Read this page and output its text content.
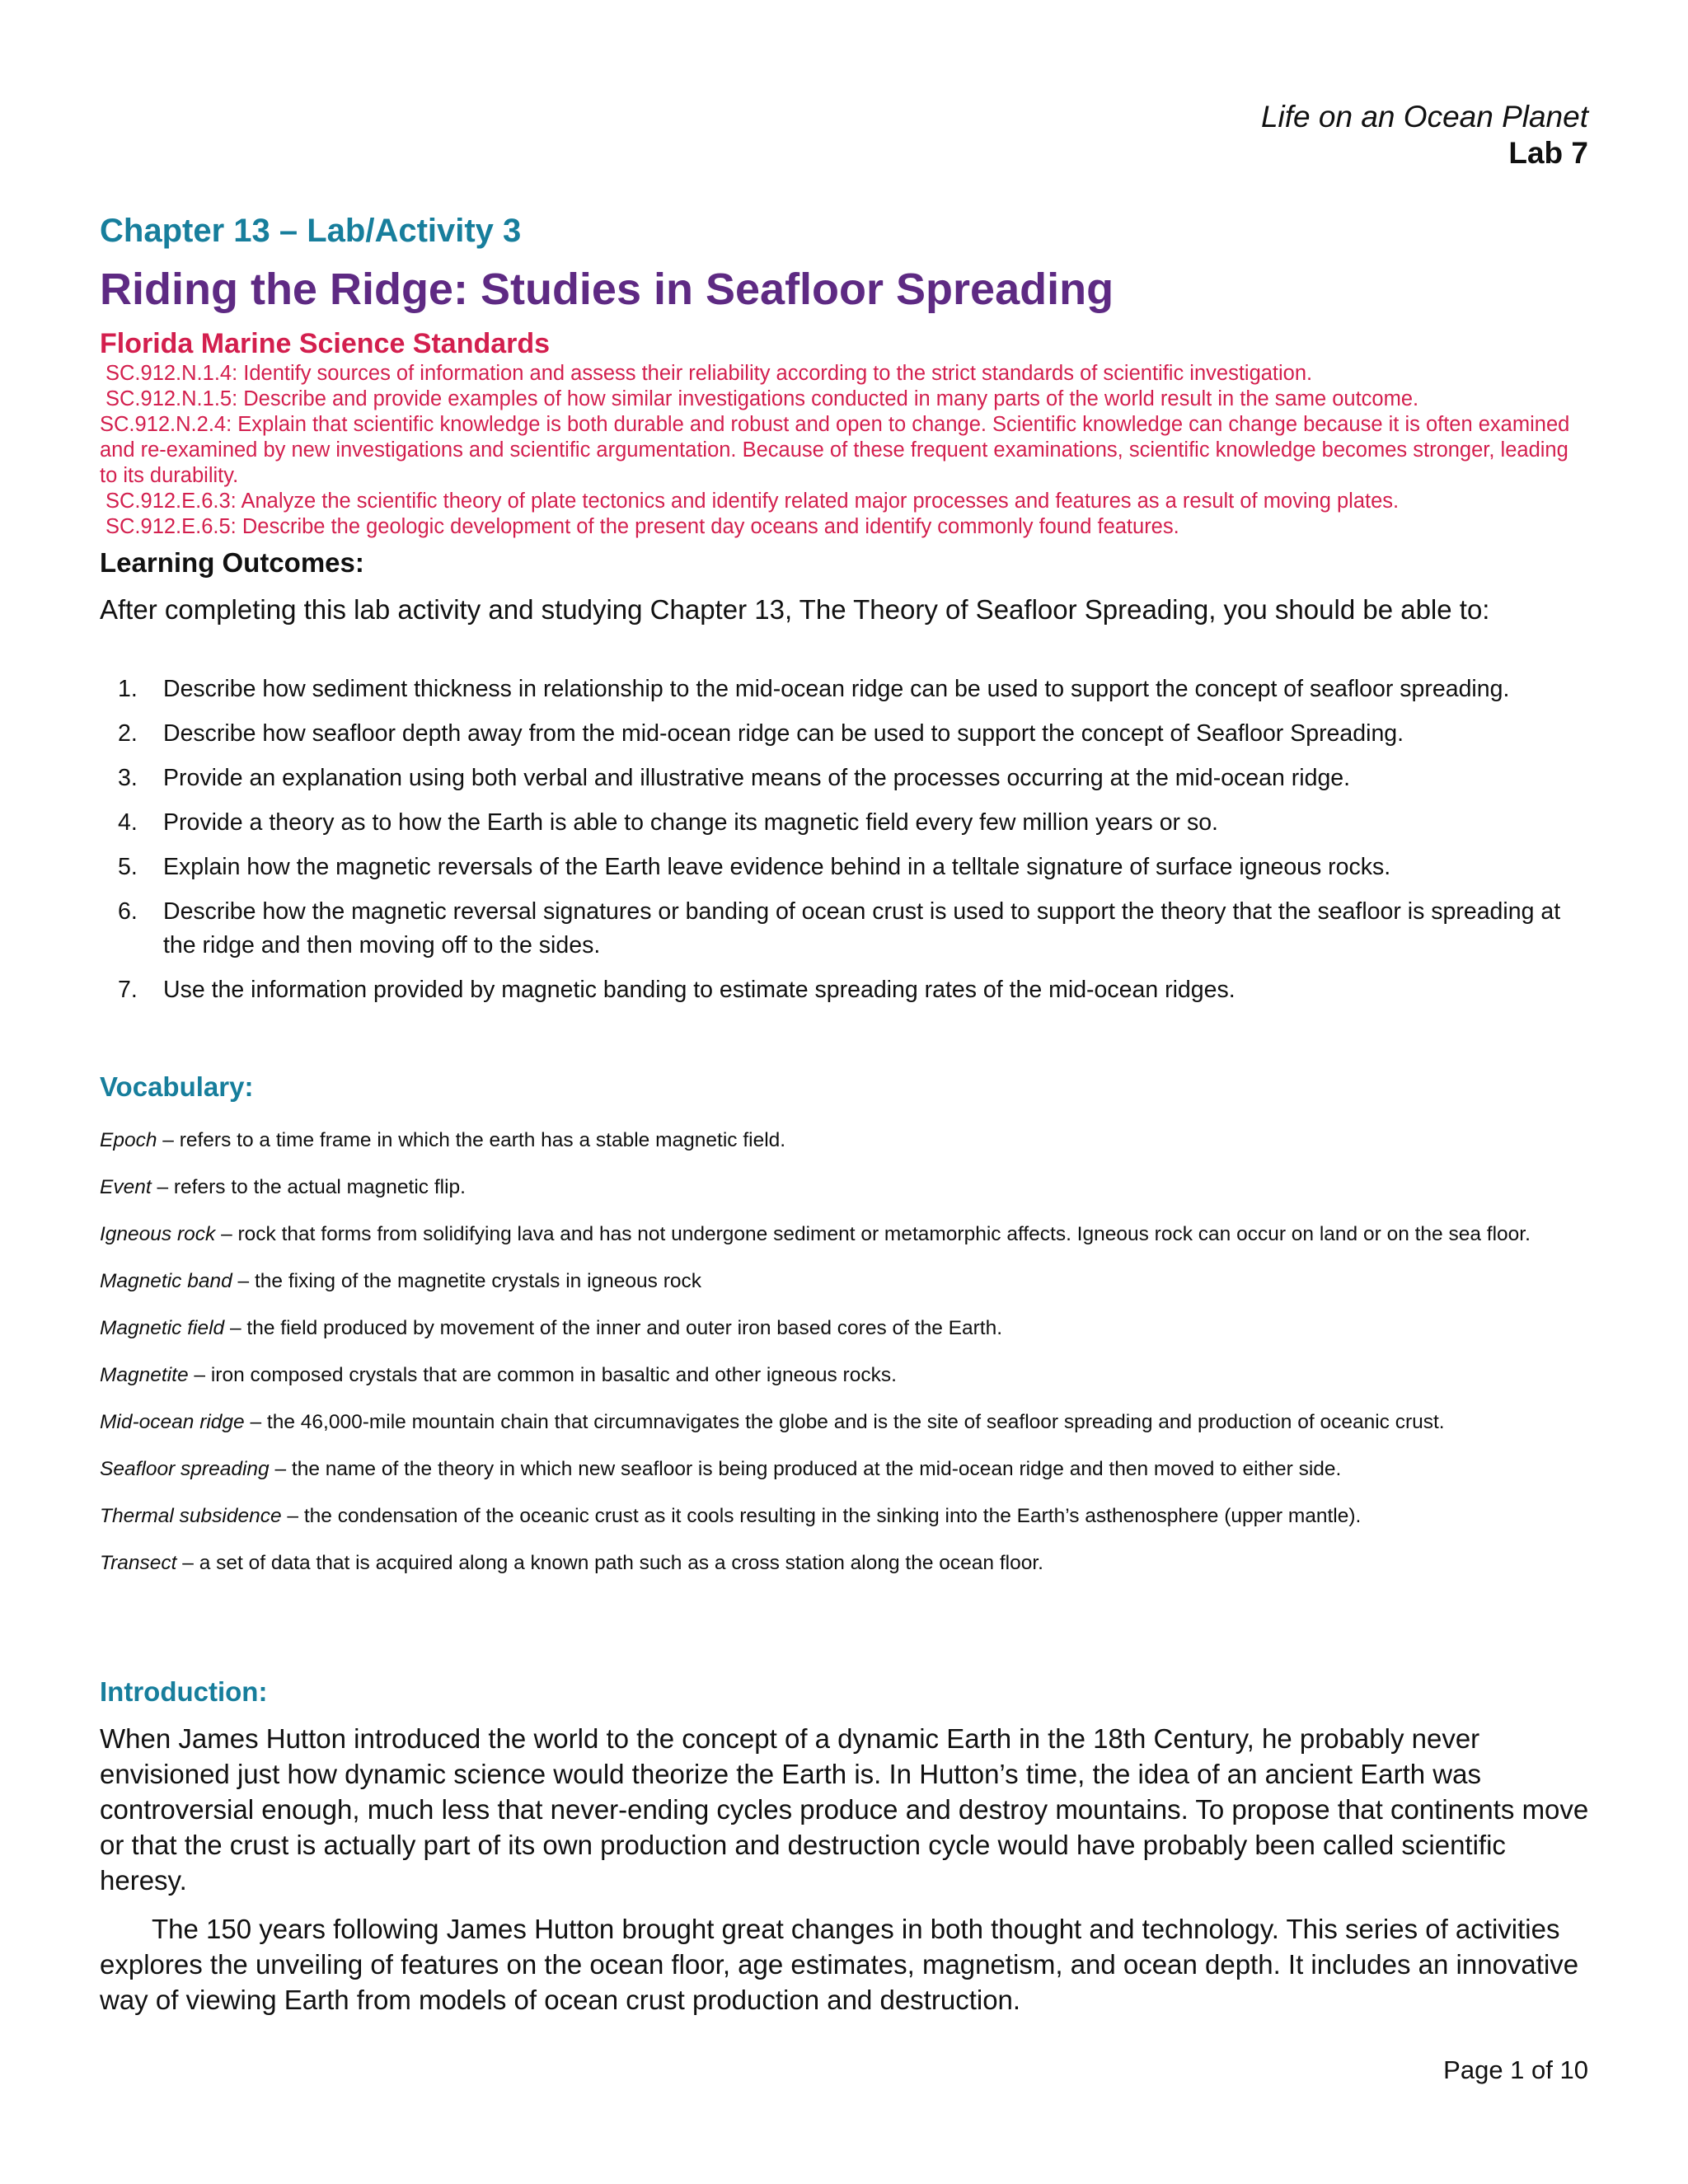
Life on an Ocean Planet
Lab 7
Chapter 13 – Lab/Activity 3
Riding the Ridge: Studies in Seafloor Spreading
Florida Marine Science Standards

SC.912.N.1.4: Identify sources of information and assess their reliability according to the strict standards of scientific investigation.

SC.912.N.1.5: Describe and provide examples of how similar investigations conducted in many parts of the world result in the same outcome.

SC.912.N.2.4: Explain that scientific knowledge is both durable and robust and open to change. Scientific knowledge can change because it is often examined and re-examined by new investigations and scientific argumentation. Because of these frequent examinations, scientific knowledge becomes stronger, leading to its durability.

SC.912.E.6.3: Analyze the scientific theory of plate tectonics and identify related major processes and features as a result of moving plates.

SC.912.E.6.5: Describe the geologic development of the present day oceans and identify commonly found features.

Learning Outcomes:
After completing this lab activity and studying Chapter 13, The Theory of Seafloor Spreading, you should be able to:
1. Describe how sediment thickness in relationship to the mid-ocean ridge can be used to support the concept of seafloor spreading.
2. Describe how seafloor depth away from the mid-ocean ridge can be used to support the concept of Seafloor Spreading.
3. Provide an explanation using both verbal and illustrative means of the processes occurring at the mid-ocean ridge.
4. Provide a theory as to how the Earth is able to change its magnetic field every few million years or so.
5. Explain how the magnetic reversals of the Earth leave evidence behind in a telltale signature of surface igneous rocks.
6. Describe how the magnetic reversal signatures or banding of ocean crust is used to support the theory that the seafloor is spreading at the ridge and then moving off to the sides.
7. Use the information provided by magnetic banding to estimate spreading rates of the mid-ocean ridges.
Vocabulary:

Epoch – refers to a time frame in which the earth has a stable magnetic field.

Event – refers to the actual magnetic flip.

Igneous rock – rock that forms from solidifying lava and has not undergone sediment or metamorphic affects. Igneous rock can occur on land or on the sea floor.

Magnetic band – the fixing of the magnetite crystals in igneous rock

Magnetic field – the field produced by movement of the inner and outer iron based cores of the Earth.

Magnetite – iron composed crystals that are common in basaltic and other igneous rocks.

Mid-ocean ridge – the 46,000-mile mountain chain that circumnavigates the globe and is the site of seafloor spreading and production of oceanic crust.

Seafloor spreading – the name of the theory in which new seafloor is being produced at the mid-ocean ridge and then moved to either side.

Thermal subsidence – the condensation of the oceanic crust as it cools resulting in the sinking into the Earth’s asthenosphere (upper mantle).

Transect – a set of data that is acquired along a known path such as a cross station along the ocean floor.

Introduction:

When James Hutton introduced the world to the concept of a dynamic Earth in the 18th Century, he probably never envisioned just how dynamic science would theorize the Earth is. In Hutton’s time, the idea of an ancient Earth was controversial enough, much less that never-ending cycles produce and destroy mountains. To propose that continents move or that the crust is actually part of its own production and destruction cycle would have probably been called scientific heresy.

The 150 years following James Hutton brought great changes in both thought and technology. This series of activities explores the unveiling of features on the ocean floor, age estimates, magnetism, and ocean depth. It includes an innovative way of viewing Earth from models of ocean crust production and destruction.

Page 1 of 10
